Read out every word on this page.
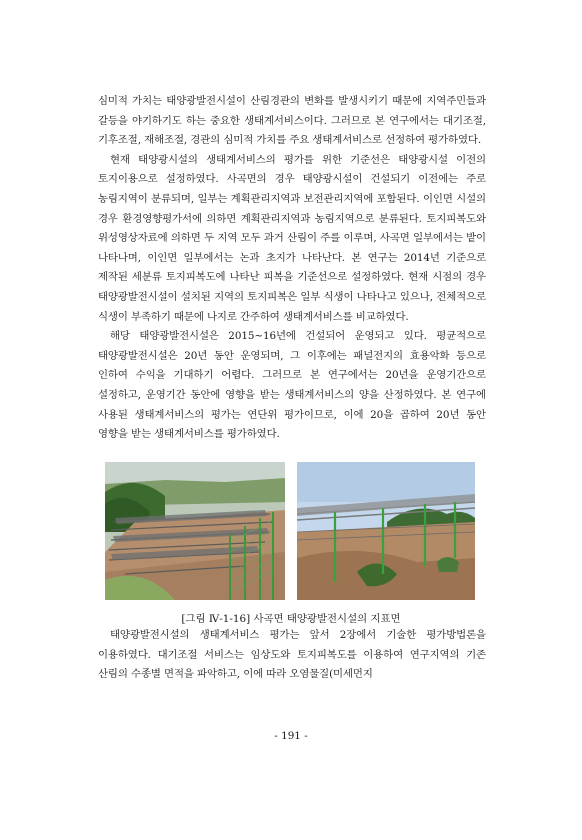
심미적 가치는 태양광발전시설이 산림경관의 변화를 발생시키기 때문에 지역주민들과 갈등을 야기하기도 하는 중요한 생태계서비스이다. 그러므로 본 연구에서는 대기조절, 기후조절, 재해조절, 경관의 심미적 가치를 주요 생태계서비스로 선정하여 평가하였다.

현재 태양광시설의 생태계서비스의 평가를 위한 기준선은 태양광시설 이전의 토지이용으로 설정하였다. 사곡면의 경우 태양광시설이 건설되기 이전에는 주로 농림지역이 분류되며, 일부는 계획관리지역과 보전관리지역에 포함된다. 이인면 시설의 경우 환경영향평가서에 의하면 계획관리지역과 농림지역으로 분류된다. 토지피복도와 위성영상자료에 의하면 두 지역 모두 과거 산림이 주를 이루며, 사곡면 일부에서는 밭이 나타나며, 이인면 일부에서는 논과 초지가 나타난다. 본 연구는 2014년 기준으로 제작된 세분류 토지피복도에 나타난 피복을 기준선으로 설정하였다. 현재 시점의 경우 태양광발전시설이 설치된 지역의 토지피복은 일부 식생이 나타나고 있으나, 전체적으로 식생이 부족하기 때문에 나지로 간주하여 생태계서비스를 비교하였다.

해당 태양광발전시설은 2015~16년에 건설되어 운영되고 있다. 평균적으로 태양광발전시설은 20년 동안 운영되며, 그 이후에는 패널전지의 효용악화 등으로 인하여 수익을 기대하기 어렵다. 그러므로 본 연구에서는 20년을 운영기간으로 설정하고, 운영기간 동안에 영향을 받는 생태계서비스의 양을 산정하였다. 본 연구에 사용된 생태계서비스의 평가는 연단위 평가이므로, 이에 20을 곱하여 20년 동안 영향을 받는 생태계서비스를 평가하였다.

[그림 Ⅳ-1-16] 사곡면 태양광발전시설의 지표면

태양광발전시설의 생태계서비스 평가는 앞서 2장에서 기술한 평가방법론을 이용하였다. 대기조절 서비스는 임상도와 토지피복도를 이용하여 연구지역의 기존 산림의 수종별 면적을 파악하고, 이에 따라 오염물질(미세먼지

- 191 -
